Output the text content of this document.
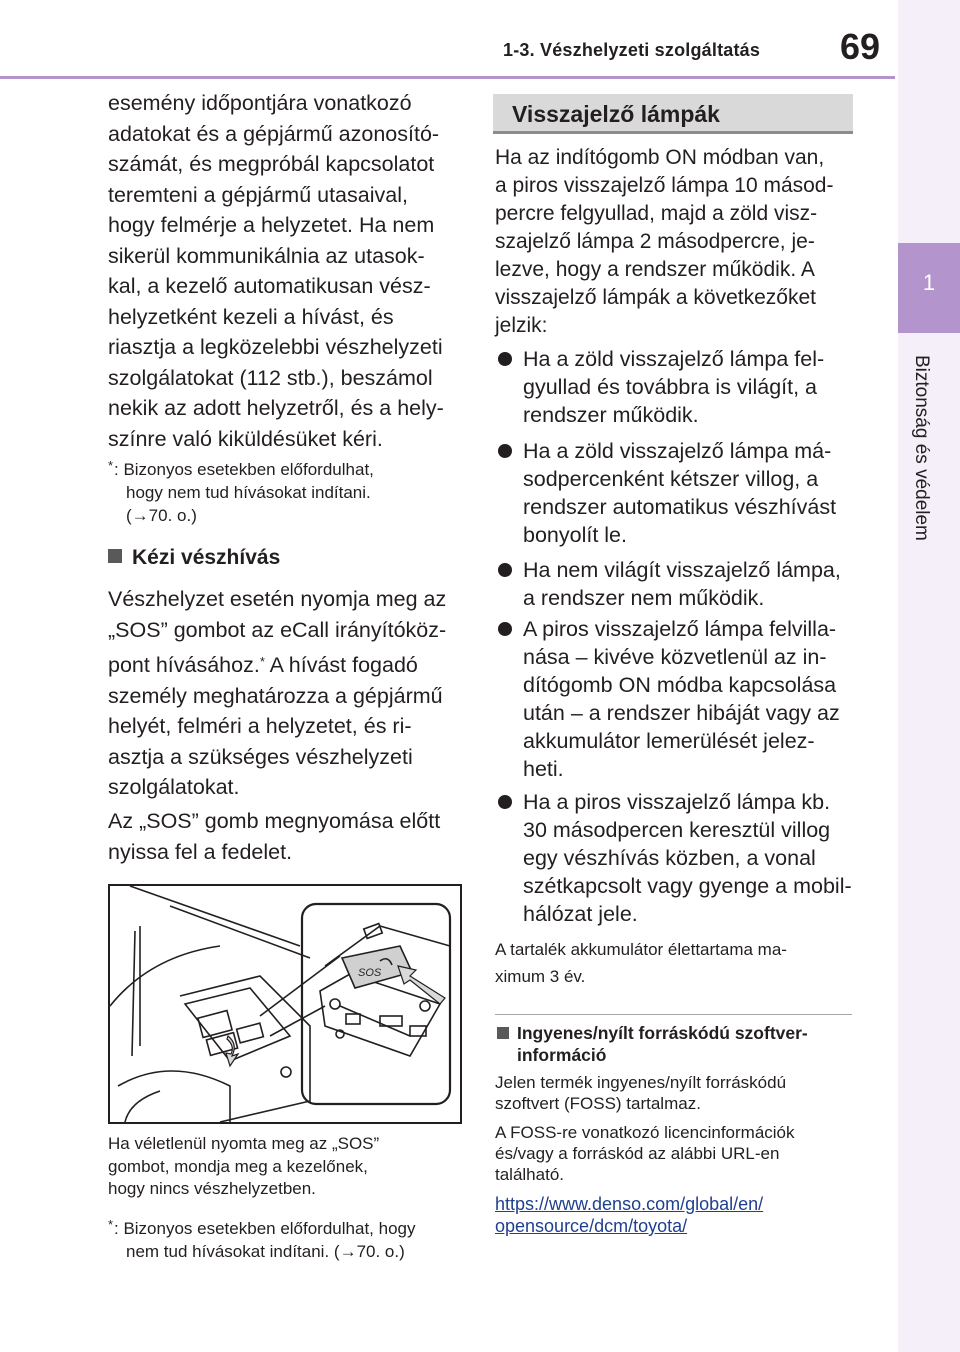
1-3. Vészhelyzeti szolgáltatás 69
1
Biztonság és védelem
esemény időpontjára vonatkozó
adatokat és a gépjármű azonosító-
számát, és megpróbál kapcsolatot
teremteni a gépjármű utasaival,
hogy felmérje a helyzetet. Ha nem
sikerül kommunikálnia az utasok-
kal, a kezelő automatikusan vész-
helyzetként kezeli a hívást, és
riasztja a legközelebbi vészhelyzeti
szolgálatokat (112 stb.), beszámol
nekik az adott helyzetről, és a hely-
színre való kiküldésüket kéri.
* : Bizonyos esetekben előfordulhat,
hogy nem tud hívásokat indítani.
(→70. o.)
Kézi vészhívás
Vészhelyzet esetén nyomja meg az
„SOS” gombot az eCall irányítóköz-
pont hívásához.* A hívást fogadó
személy meghatározza a gépjármű
helyét, felméri a helyzetet, és ri-
asztja a szükséges vészhelyzeti
szolgálatokat.
Az „SOS” gomb megnyomása előtt
nyissa fel a fedelet.
SOS
Ha véletlenül nyomta meg az „SOS”
gombot, mondja meg a kezelőnek,
hogy nincs vészhelyzetben.
* : Bizonyos esetekben előfordulhat, hogy
nem tud hívásokat indítani. (→70. o.)
Visszajelző lámpák
Ha az indítógomb ON módban van,
a piros visszajelző lámpa 10 másod-
percre felgyullad, majd a zöld visz-
szajelző lámpa 2 másodpercre, je-
lezve, hogy a rendszer működik. A
visszajelző lámpák a következőket
jelzik:
Ha a zöld visszajelző lámpa fel-
gyullad és továbbra is világít, a
rendszer működik.
Ha a zöld visszajelző lámpa má-
sodpercenként kétszer villog, a
rendszer automatikus vészhívást
bonyolít le.
Ha nem világít visszajelző lámpa,
a rendszer nem működik.
A piros visszajelző lámpa felvilla-
nása – kivéve közvetlenül az in-
dítógomb ON módba kapcsolása
után – a rendszer hibáját vagy az
akkumulátor lemerülését jelez-
heti.
Ha a piros visszajelző lámpa kb.
30 másodpercen keresztül villog
egy vészhívás közben, a vonal
szétkapcsolt vagy gyenge a mobil-
hálózat jele.
A tartalék akkumulátor élettartama ma-
ximum 3 év.
Ingyenes/nyílt forráskódú szoftver-
információ
Jelen termék ingyenes/nyílt forráskódú
szoftvert (FOSS) tartalmaz.
A FOSS-re vonatkozó licencinformációk
és/vagy a forráskód az alábbi URL-en
található.
https://www.denso.com/global/en/
opensource/dcm/toyota/
